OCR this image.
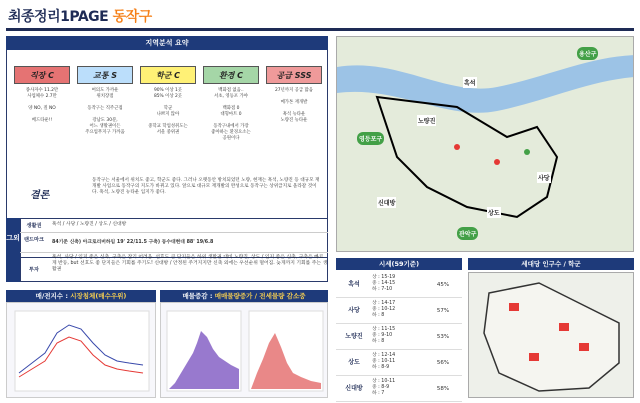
최종정리1PAGE 동작구
지역분석 요약
직장 C
종사자수 11.2만
사업체수 2.7만
양 NO, 질 NO
베드타운!!
교통 S
여의도 가까운
위치장점
동작구는 직주근접
강남도 30분,
어느 생활권이든
주요업무지구 가까움
학군 C
90% 이상 1곳
85% 이상 2곳
학군
나쁘지 않아
중학교 학업성취도는
서울 중위권
환경 C
백화점 없음..
서초, 영등포 가야
백화점 0
대형마트 0
동작구내에서 가장
좋아하는 환경요소는
공원이다
공급 SSS
27년까지 공급 많음
메가톤 재개발
흑석 뉴타운
노량진 뉴타운
결론
동작구는 서울에서 위치도 좋고, 학군도 좋다. 그러나 오랫동안 방치되었던 노량, 현재는 흑석, 노량진 등 대규모 재개발 사업으로 동작구의 지도가 바뀌고 있다. 앞으로 대규모 재개발의 완성으로 동작구는 상위급지로 올라갈 것이다. 흑석, 노량진 뉴타운 입지가 좋다.
그외
생활권	흑석 / 사당 / 노량진 / 상도 / 신대방
랜드마크	84기준 신축) 아크로리버하임 19' 22/11.5 구축) 동수대현대 88' 19/6.8
투자
흑석, 사당 / 입지 좋은 신축, 구축은 잡기 어려움. 선호도 큰 단지들은 하위 생활권 대비 노량진, 상도 / 입지 좋은 신축, 구축은 빠르게 반등, but 선호도 좋 단지들은 기회를 주기도! 신대방 / 안정된 주거지지만 신축 외에는 우선순위 떨어짐. 늦게까지 기회를 주는 생활권
매/전지수 : 시장침체(매수우위)	매물증감 : 매매물량증가 / 전세물량 감소중
흑석
사당
노량진
상도
신대방
관악구
영등포구
용산구
시세(59기준)
흑석
상 : 15-19
중 : 14-15
하 : 7-10
45%
사당
상 : 14-17
중 : 10-12
하 : 8
57%
노량진
상 : 11-15
중 : 9-10
하 : 8
53%
상도
상 : 12-14
중 : 10-11
하 : 8-9
56%
신대방
상 : 10-11
중 : 8-9
하 : 7
58%
세대당 인구수 / 학군
